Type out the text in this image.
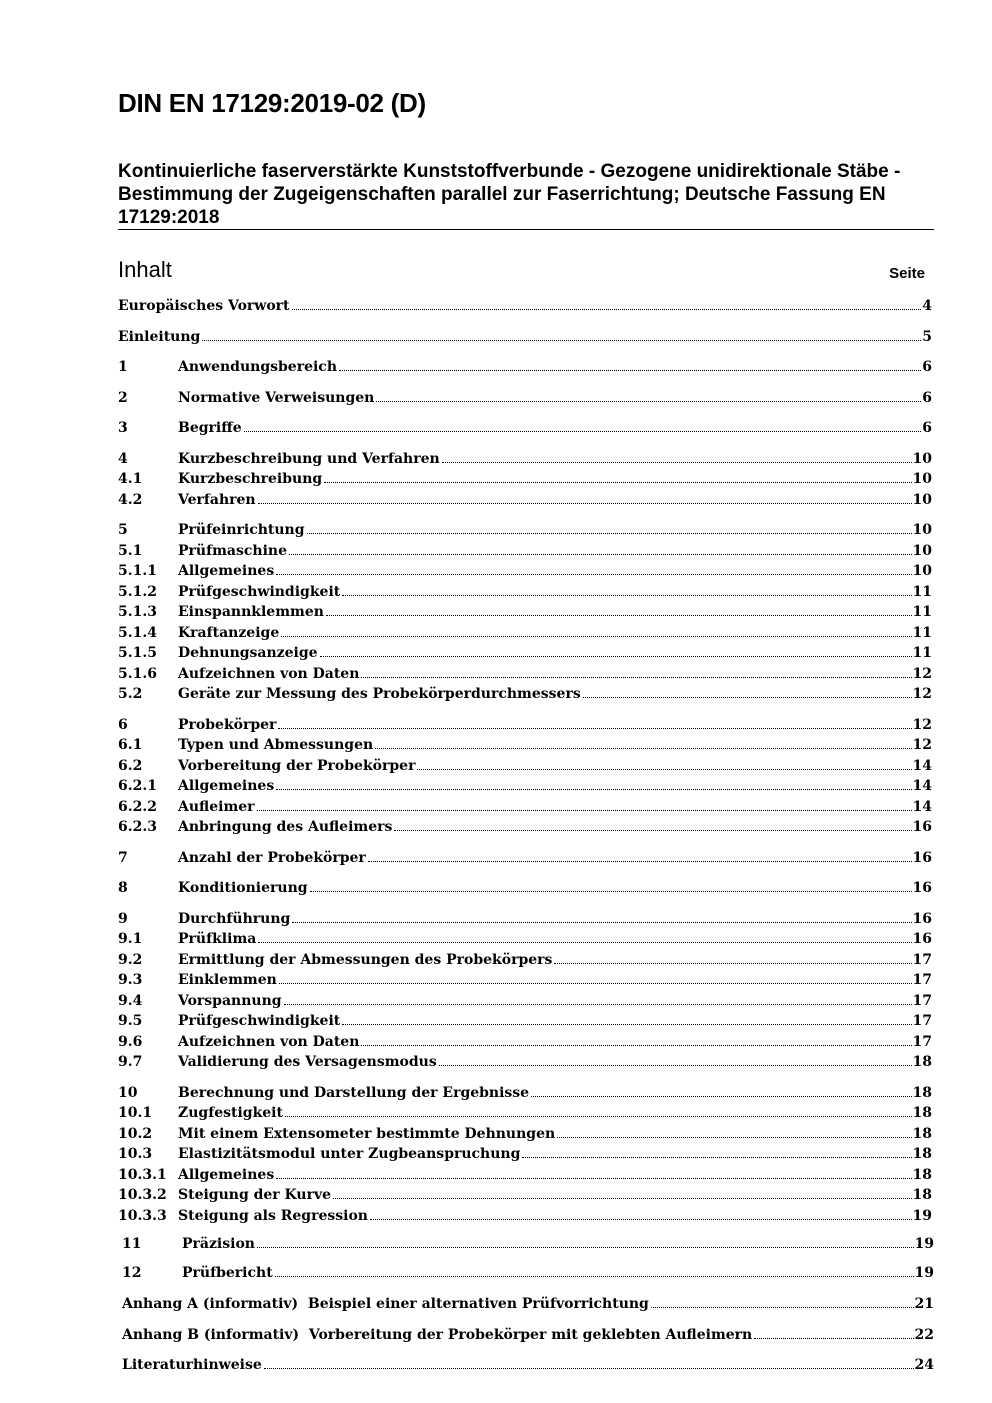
DIN EN 17129:2019-02 (D)
Kontinuierliche faserverstärkte Kunststoffverbunde - Gezogene unidirektionale Stäbe - Bestimmung der Zugeigenschaften parallel zur Faserrichtung; Deutsche Fassung EN 17129:2018
Inhalt	Seite
Europäisches Vorwort	4
Einleitung	5
1	Anwendungsbereich	6
2	Normative Verweisungen	6
3	Begriffe	6
4	Kurzbeschreibung und Verfahren	10
4.1	Kurzbeschreibung	10
4.2	Verfahren	10
5	Prüfeinrichtung	10
5.1	Prüfmaschine	10
5.1.1	Allgemeines	10
5.1.2	Prüfgeschwindigkeit	11
5.1.3	Einspannklemmen	11
5.1.4	Kraftanzeige	11
5.1.5	Dehnungsanzeige	11
5.1.6	Aufzeichnen von Daten	12
5.2	Geräte zur Messung des Probekörperdurchmessers	12
6	Probekörper	12
6.1	Typen und Abmessungen	12
6.2	Vorbereitung der Probekörper	14
6.2.1	Allgemeines	14
6.2.2	Aufleimer	14
6.2.3	Anbringung des Aufleimers	16
7	Anzahl der Probekörper	16
8	Konditionierung	16
9	Durchführung	16
9.1	Prüfklima	16
9.2	Ermittlung der Abmessungen des Probekörpers	17
9.3	Einklemmen	17
9.4	Vorspannung	17
9.5	Prüfgeschwindigkeit	17
9.6	Aufzeichnen von Daten	17
9.7	Validierung des Versagensmodus	18
10	Berechnung und Darstellung der Ergebnisse	18
10.1	Zugfestigkeit	18
10.2	Mit einem Extensometer bestimmte Dehnungen	18
10.3	Elastizitätsmodul unter Zugbeanspruchung	18
10.3.1 Allgemeines	18
10.3.2 Steigung der Kurve	18
10.3.3 Steigung als Regression	19
11	Präzision	19
12	Prüfbericht	19
Anhang A (informativ)  Beispiel einer alternativen Prüfvorrichtung	21
Anhang B (informativ)  Vorbereitung der Probekörper mit geklebten Aufleimern	22
Literaturhinweise	24
